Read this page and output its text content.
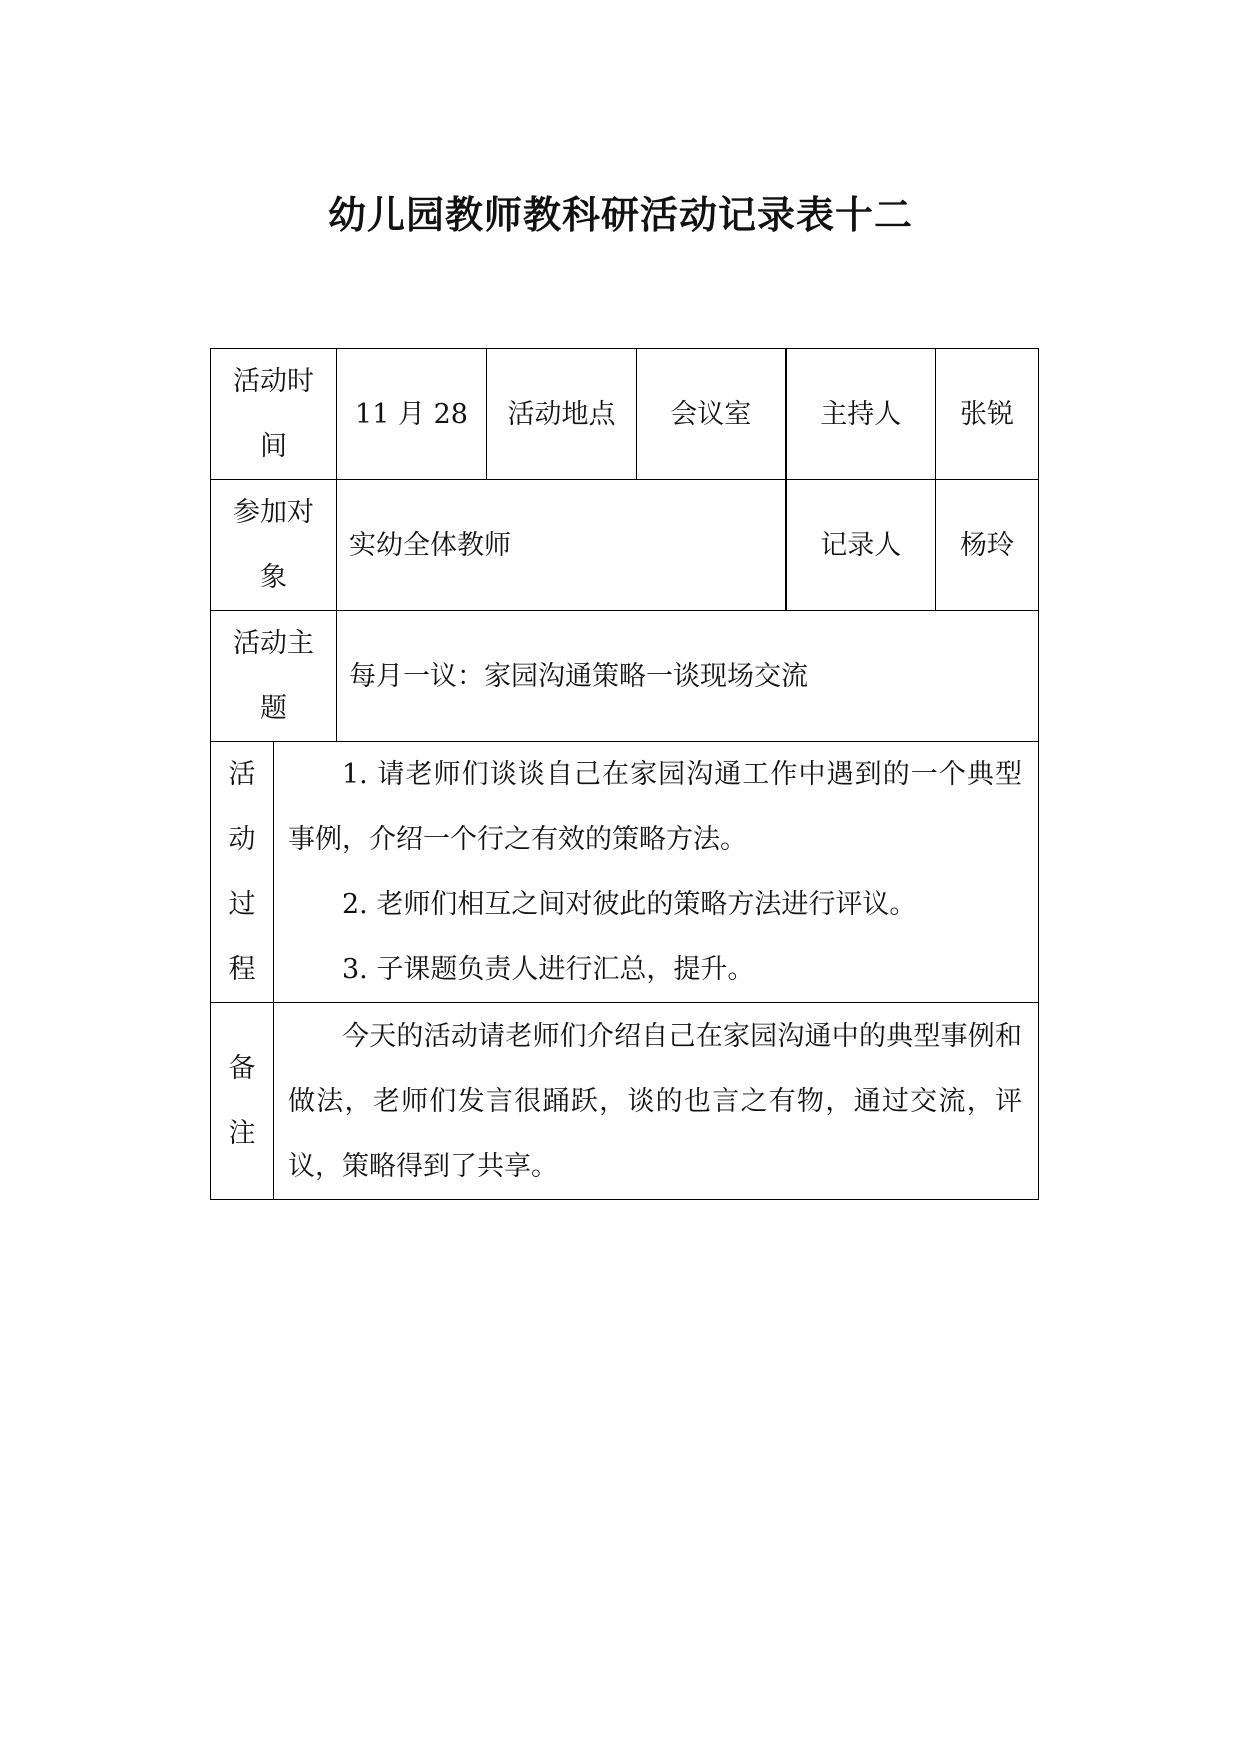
幼儿园教师教科研活动记录表十二
活动时间		11 月 28	活动地点	会议室	主持人	张锐

参加对象		实幼全体教师			记录人	杨玲

活动主题		每月一议：家园沟通策略一谈现场交流				

活动过程	1. 请老师们谈谈自己在家园沟通工作中遇到的一个典型事例，介绍一个行之有效的策略方法。

2. 老师们相互之间对彼此的策略方法进行评议。

3. 子课题负责人进行汇总，提升。					

备注	今天的活动请老师们介绍自己在家园沟通中的典型事例和做法，老师们发言很踊跃，谈的也言之有物，通过交流，评议，策略得到了共享。					
